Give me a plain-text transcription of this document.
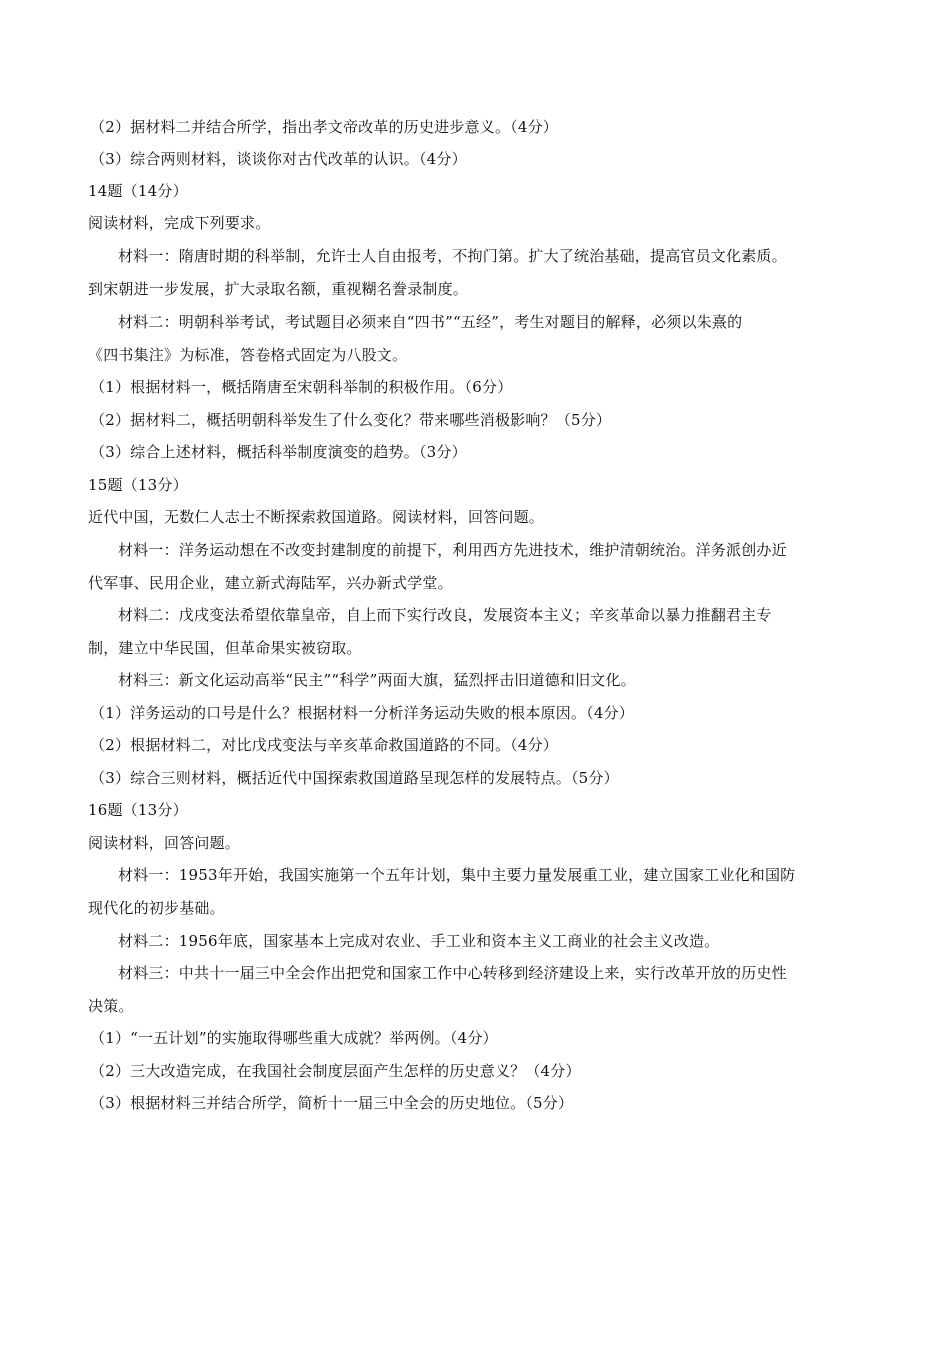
（2）据材料二并结合所学，指出孝文帝改革的历史进步意义。（4分）
（3）综合两则材料，谈谈你对古代改革的认识。（4分）
14题（14分）
阅读材料，完成下列要求。
材料一：隋唐时期的科举制，允许士人自由报考，不拘门第。扩大了统治基础，提高官员文化素质。
到宋朝进一步发展，扩大录取名额，重视糊名誊录制度。
材料二：明朝科举考试，考试题目必须来自“四书”“五经”，考生对题目的解释，必须以朱熹的
《四书集注》为标准，答卷格式固定为八股文。
（1）根据材料一，概括隋唐至宋朝科举制的积极作用。（6分）
（2）据材料二，概括明朝科举发生了什么变化？带来哪些消极影响？（5分）
（3）综合上述材料，概括科举制度演变的趋势。（3分）
15题（13分）
近代中国，无数仁人志士不断探索救国道路。阅读材料，回答问题。
材料一：洋务运动想在不改变封建制度的前提下，利用西方先进技术，维护清朝统治。洋务派创办近
代军事、民用企业，建立新式海陆军，兴办新式学堂。
材料二：戊戌变法希望依靠皇帝，自上而下实行改良，发展资本主义；辛亥革命以暴力推翻君主专
制，建立中华民国，但革命果实被窃取。
材料三：新文化运动高举“民主”“科学”两面大旗，猛烈抨击旧道德和旧文化。
（1）洋务运动的口号是什么？根据材料一分析洋务运动失败的根本原因。（4分）
（2）根据材料二，对比戊戌变法与辛亥革命救国道路的不同。（4分）
（3）综合三则材料，概括近代中国探索救国道路呈现怎样的发展特点。（5分）
16题（13分）
阅读材料，回答问题。
材料一：1953年开始，我国实施第一个五年计划，集中主要力量发展重工业，建立国家工业化和国防
现代化的初步基础。
材料二：1956年底，国家基本上完成对农业、手工业和资本主义工商业的社会主义改造。
材料三：中共十一届三中全会作出把党和国家工作中心转移到经济建设上来，实行改革开放的历史性
决策。
（1）“一五计划”的实施取得哪些重大成就？举两例。（4分）
（2）三大改造完成，在我国社会制度层面产生怎样的历史意义？（4分）
（3）根据材料三并结合所学，简析十一届三中全会的历史地位。（5分）
